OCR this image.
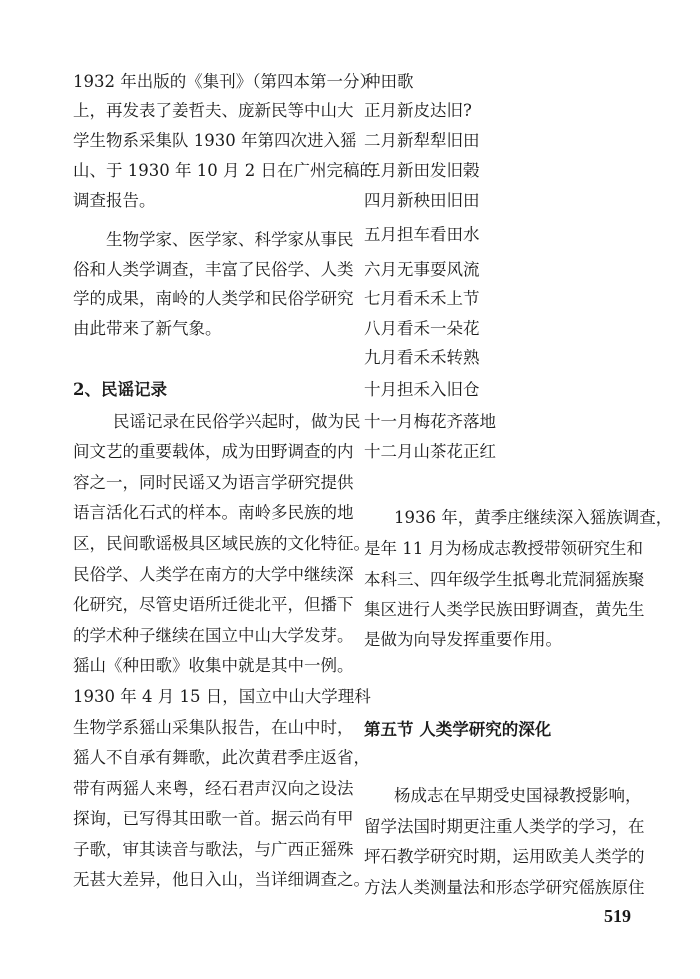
1932 年出版的《集刊》（第四本第一分）
上，再发表了姜哲夫、庞新民等中山大
学生物系采集队 1930 年第四次进入猺
山、于 1930 年 10 月 2 日在广州完稿的
调查报告。
生物学家、医学家、科学家从事民
俗和人类学调查，丰富了民俗学、人类
学的成果，南岭的人类学和民俗学研究
由此带来了新气象。
2、民谣记录
民谣记录在民俗学兴起时，做为民
间文艺的重要载体，成为田野调查的内
容之一，同时民谣又为语言学研究提供
语言活化石式的样本。南岭多民族的地
区，民间歌谣极具区域民族的文化特征。
民俗学、人类学在南方的大学中继续深
化研究，尽管史语所迁徙北平，但播下
的学术种子继续在国立中山大学发芽。
猺山《种田歌》收集中就是其中一例。
1930 年 4 月 15 日，国立中山大学理科
生物学系猺山采集队报告，在山中时，
猺人不自承有舞歌，此次黄君季庄返省，
带有两猺人来粤，经石君声汉向之设法
探询，已写得其田歌一首。据云尚有甲
子歌，审其读音与歌法，与广西正猺殊
无甚大差异，他日入山，当详细调查之。
种田歌
正月新皮达旧?
二月新犁犁旧田
三月新田发旧榖
四月新秧田旧田
五月担车看田水
六月无事耍风流
七月看禾禾上节
八月看禾一朵花
九月看禾禾转熟
十月担禾入旧仓
十一月梅花齐落地
十二月山茶花正红
1936 年，黄季庄继续深入猺族调查，
是年 11 月为杨成志教授带领研究生和
本科三、四年级学生抵粤北荒洞猺族聚
集区进行人类学民族田野调查，黄先生
是做为向导发挥重要作用。
第五节 人类学研究的深化
杨成志在早期受史国禄教授影响，
留学法国时期更注重人类学的学习，在
坪石教学研究时期，运用欧美人类学的
方法人类测量法和形态学研究傜族原住
519
